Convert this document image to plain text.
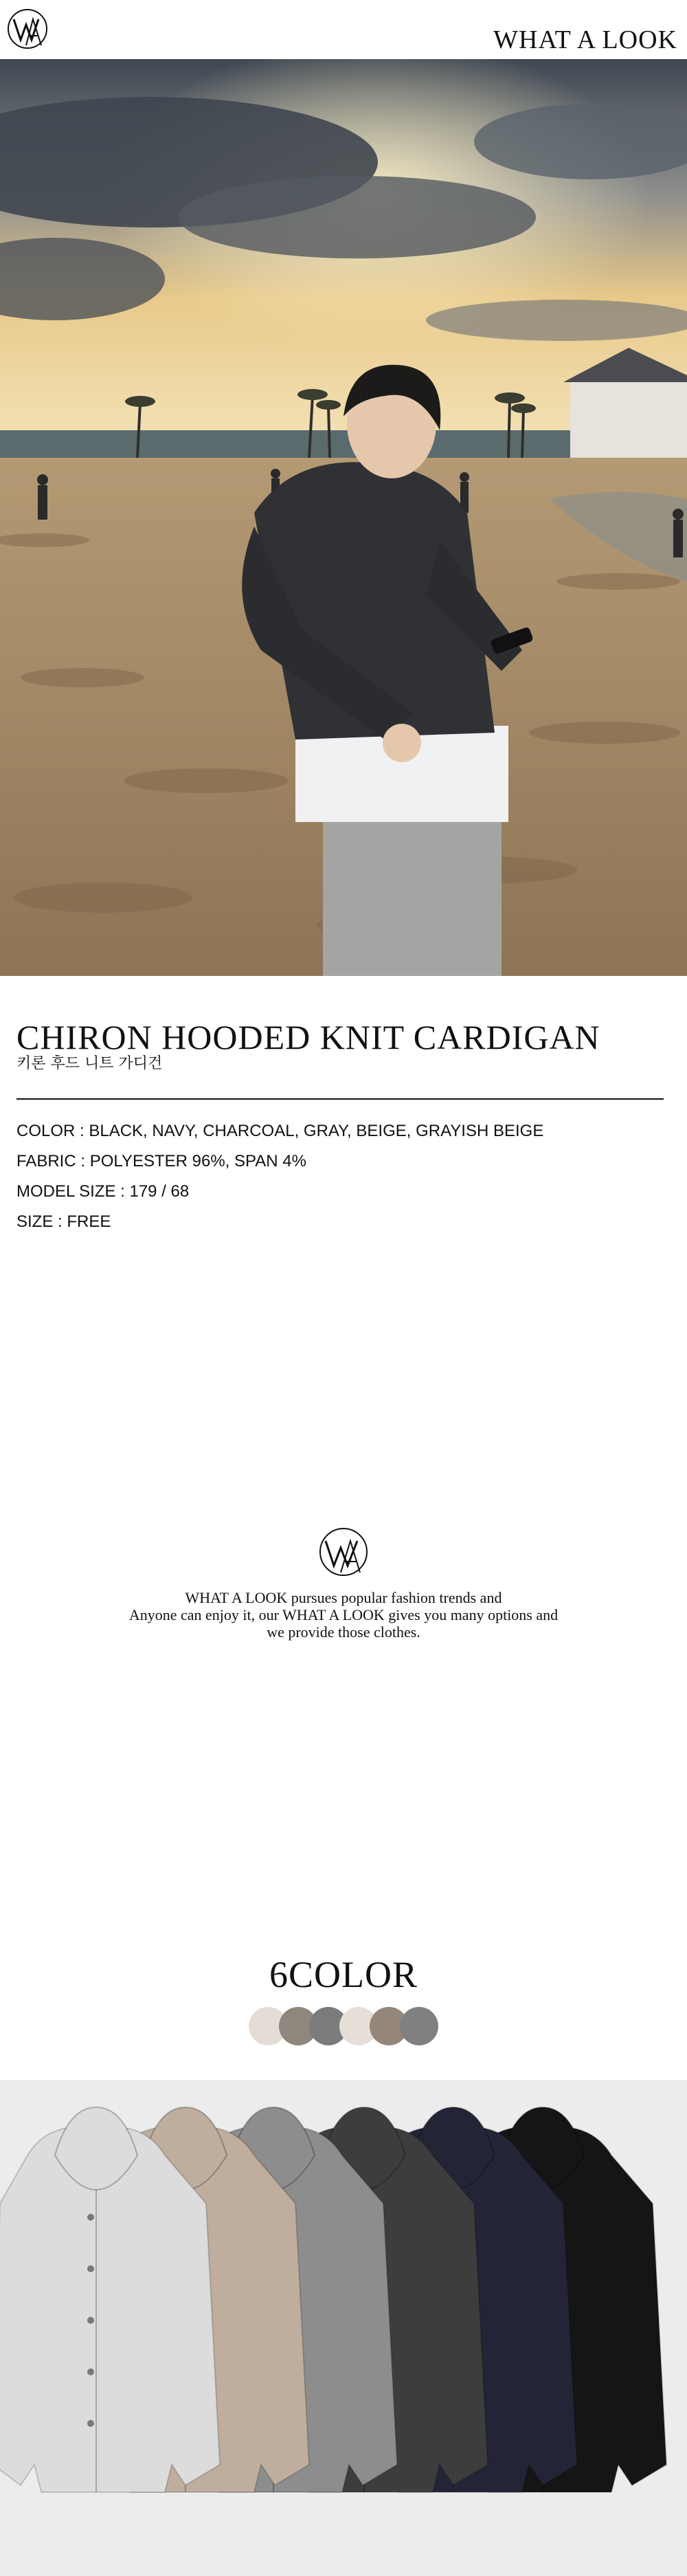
WHAT A LOOK
CHIRON HOODED KNIT CARDIGAN
키론 후드 니트 가디건
COLOR : BLACK, NAVY, CHARCOAL, GRAY, BEIGE, GRAYISH BEIGE
FABRIC : POLYESTER 96%, SPAN 4%
MODEL SIZE : 179 / 68
SIZE : FREE
WHAT A LOOK pursues popular fashion trends and
Anyone can enjoy it, our WHAT A LOOK gives you many options and
we provide those clothes.
6COLOR
